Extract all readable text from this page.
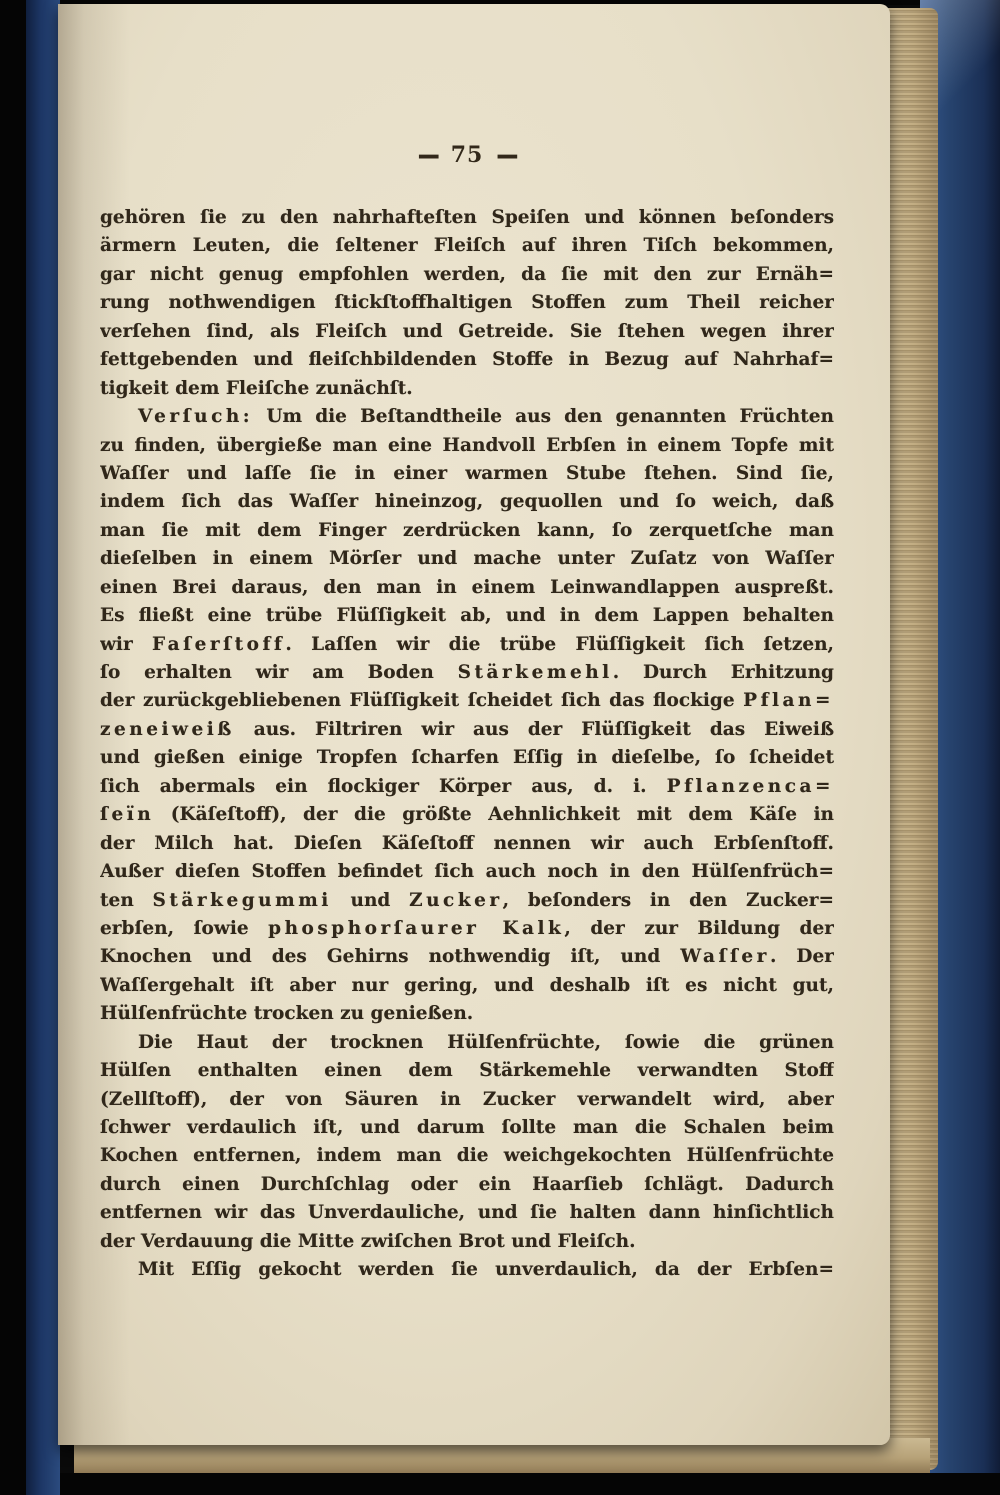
— 75 —
gehören ſie zu den nahrhafteſten Speiſen und können beſonders
ärmern Leuten, die ſeltener Fleiſch auf ihren Tiſch bekommen,
gar nicht genug empfohlen werden, da ſie mit den zur Ernäh=
rung nothwendigen ſtickſtoffhaltigen Stoffen zum Theil reicher
verſehen ſind, als Fleiſch und Getreide. Sie ſtehen wegen ihrer
fettgebenden und fleiſchbildenden Stoffe in Bezug auf Nahrhaf=
tigkeit dem Fleiſche zunächſt.
Verſuch: Um die Beſtandtheile aus den genannten Früchten
zu finden, übergieße man eine Handvoll Erbſen in einem Topfe mit
Waſſer und laſſe ſie in einer warmen Stube ſtehen. Sind ſie,
indem ſich das Waſſer hineinzog, gequollen und ſo weich, daß
man ſie mit dem Finger zerdrücken kann, ſo zerquetſche man
dieſelben in einem Mörſer und mache unter Zuſatz von Waſſer
einen Brei daraus, den man in einem Leinwandlappen auspreßt.
Es fließt eine trübe Flüſſigkeit ab, und in dem Lappen behalten
wir Faſerſtoff. Laſſen wir die trübe Flüſſigkeit ſich ſetzen,
ſo erhalten wir am Boden Stärkemehl. Durch Erhitzung
der zurückgebliebenen Flüſſigkeit ſcheidet ſich das flockige Pflan=
zeneiweiß aus. Filtriren wir aus der Flüſſigkeit das Eiweiß
und gießen einige Tropfen ſcharfen Eſſig in dieſelbe, ſo ſcheidet
ſich abermals ein flockiger Körper aus, d. i. Pflanzenca=
ſeïn (Käſeſtoff), der die größte Aehnlichkeit mit dem Käſe in
der Milch hat. Dieſen Käſeſtoff nennen wir auch Erbſenſtoff.
Außer dieſen Stoffen befindet ſich auch noch in den Hülſenfrüch=
ten Stärkegummi und Zucker, beſonders in den Zucker=
erbſen, ſowie phosphorſaurer Kalk, der zur Bildung der
Knochen und des Gehirns nothwendig iſt, und Waſſer. Der
Waſſergehalt iſt aber nur gering, und deshalb iſt es nicht gut,
Hülſenfrüchte trocken zu genießen.
Die Haut der trocknen Hülſenfrüchte, ſowie die grünen
Hülſen enthalten einen dem Stärkemehle verwandten Stoff
(Zellſtoff), der von Säuren in Zucker verwandelt wird, aber
ſchwer verdaulich iſt, und darum ſollte man die Schalen beim
Kochen entfernen, indem man die weichgekochten Hülſenfrüchte
durch einen Durchſchlag oder ein Haarſieb ſchlägt. Dadurch
entfernen wir das Unverdauliche, und ſie halten dann hinſichtlich
der Verdauung die Mitte zwiſchen Brot und Fleiſch.
Mit Eſſig gekocht werden ſie unverdaulich, da der Erbſen=
